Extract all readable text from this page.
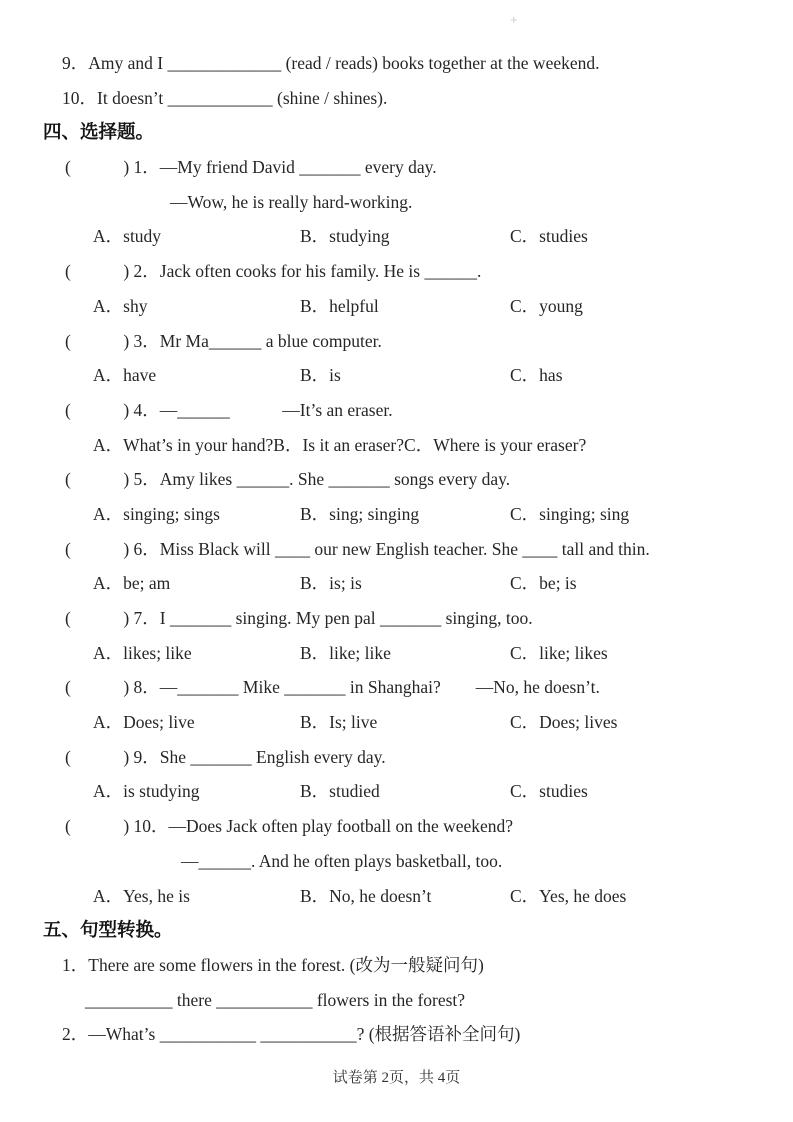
+
9．Amy and I _____________ (read / reads) books together at the weekend.
10．It doesn’t ____________ (shine / shines).
四、选择题。
(　　　) 1．—My friend David _______ every day.
—Wow, he is really hard-working.
A．study	B．studying	C．studies
(　　　) 2．Jack often cooks for his family. He is ______.
A．shy	B．helpful	C．young
(　　　) 3．Mr Ma______ a blue computer.
A．have	B．is	C．has
(　　　) 4．—______　　　—It’s an eraser.
A．What’s in your hand?B．Is it an eraser?C．Where is your eraser?
(　　　) 5．Amy likes ______. She _______ songs every day.
A．singing; sings	B．sing; singing	C．singing; sing
(　　　) 6．Miss Black will ____ our new English teacher. She ____ tall and thin.
A．be; am	B．is; is	C．be; is
(　　　) 7．I _______ singing. My pen pal _______ singing, too.
A．likes; like	B．like; like	C．like; likes
(　　　) 8．—_______ Mike _______ in Shanghai?　　—No, he doesn’t.
A．Does; live	B．Is; live	C．Does; lives
(　　　) 9．She _______ English every day.
A．is studying	B．studied	C．studies
(　　　) 10．—Does Jack often play football on the weekend?
—______. And he often plays basketball, too.
A．Yes, he is	B．No, he doesn’t	C．Yes, he does
五、句型转换。
1．There are some flowers in the forest. (改为一般疑问句)
__________ there ___________ flowers in the forest?
2．—What’s ___________ ___________? (根据答语补全问句)
试卷第 2页，共 4页
